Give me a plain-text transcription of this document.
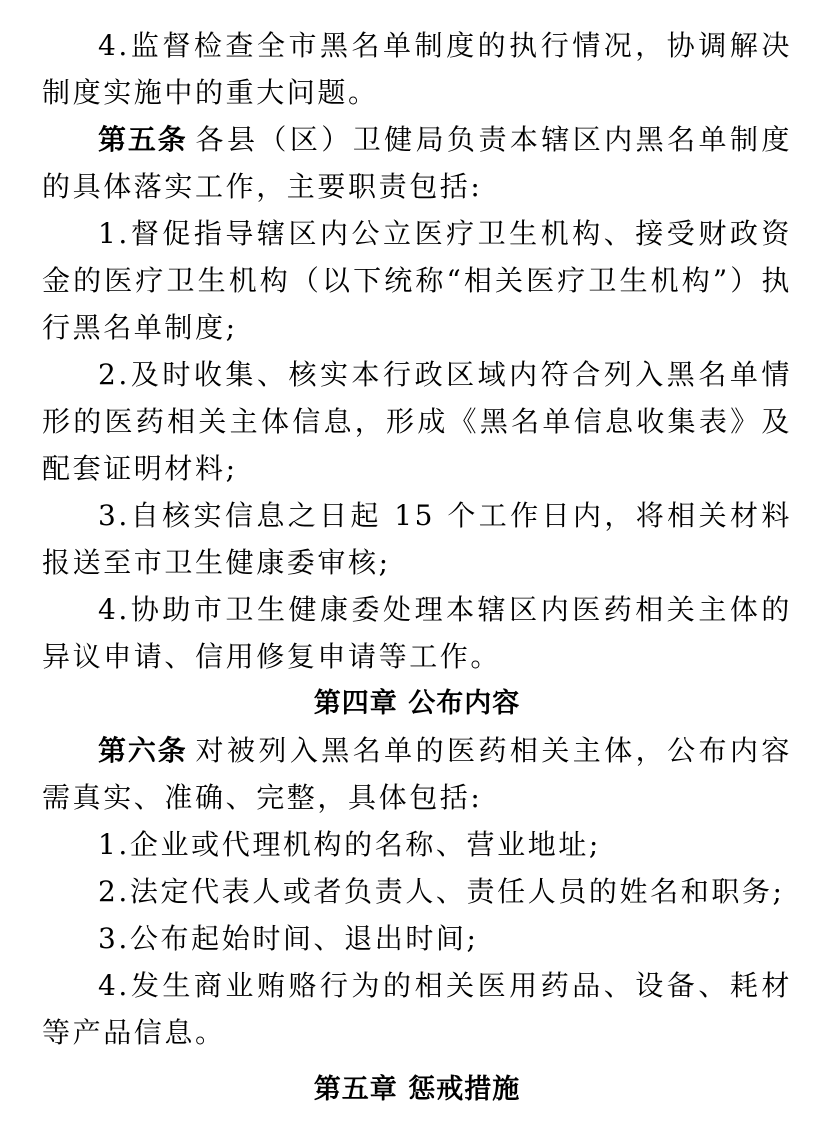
4.监督检查全市黑名单制度的执行情况，协调解决制度实施中的重大问题。

第五条 各县（区）卫健局负责本辖区内黑名单制度的具体落实工作，主要职责包括:

1.督促指导辖区内公立医疗卫生机构、接受财政资金的医疗卫生机构（以下统称“相关医疗卫生机构”）执行黑名单制度;

2.及时收集、核实本行政区域内符合列入黑名单情形的医药相关主体信息，形成《黑名单信息收集表》及配套证明材料;

3.自核实信息之日起 15 个工作日内，将相关材料报送至市卫生健康委审核;

4.协助市卫生健康委处理本辖区内医药相关主体的异议申请、信用修复申请等工作。

第四章 公布内容

第六条 对被列入黑名单的医药相关主体，公布内容需真实、准确、完整，具体包括:

1.企业或代理机构的名称、营业地址;

2.法定代表人或者负责人、责任人员的姓名和职务;

3.公布起始时间、退出时间;

4.发生商业贿赂行为的相关医用药品、设备、耗材等产品信息。

第五章 惩戒措施
